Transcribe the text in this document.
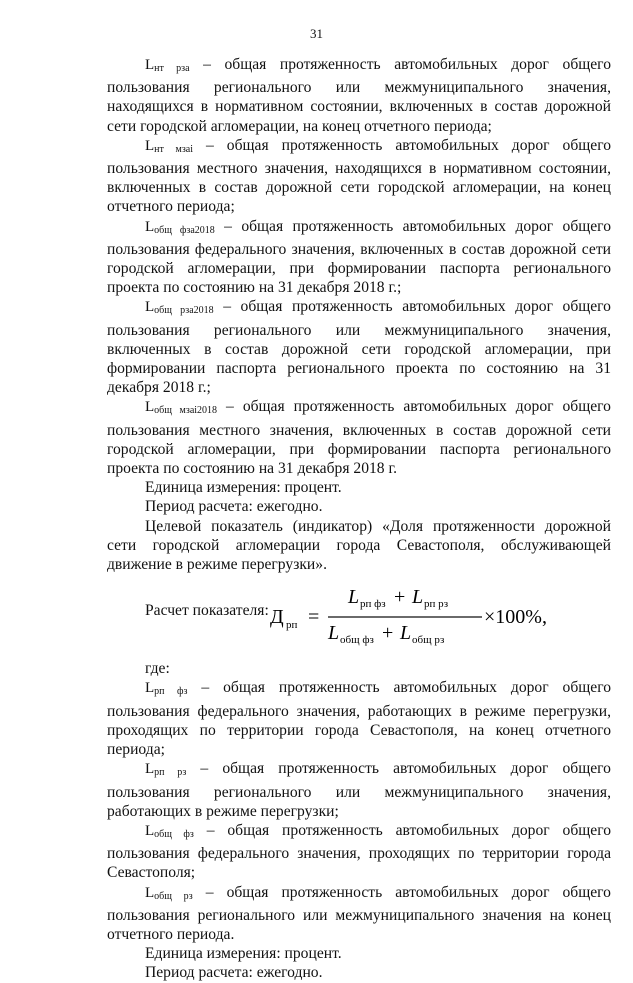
31

$L_{нт рза}$ – общая протяженность автомобильных дорог общего пользования регионального или межмуниципального значения, находящихся в нормативном состоянии, включенных в состав дорожной сети городской агломерации, на конец отчетного периода;

$L_{нт мзаi}$ – общая протяженность автомобильных дорог общего пользования местного значения, находящихся в нормативном состоянии, включенных в состав дорожной сети городской агломерации, на конец отчетного периода;

$L_{общ фза2018}$ – общая протяженность автомобильных дорог общего пользования федерального значения, включенных в состав дорожной сети городской агломерации, при формировании паспорта регионального проекта по состоянию на 31 декабря 2018 г.;

$L_{общ рза2018}$ – общая протяженность автомобильных дорог общего пользования регионального или межмуниципального значения, включенных в состав дорожной сети городской агломерации, при формировании паспорта регионального проекта по состоянию на 31 декабря 2018 г.;

$L_{общ мзаi2018}$ – общая протяженность автомобильных дорог общего пользования местного значения, включенных в состав дорожной сети городской агломерации, при формировании паспорта регионального проекта по состоянию на 31 декабря 2018 г.

Единица измерения: процент.

Период расчета: ежегодно.

Целевой показатель (индикатор) «Доля протяженности дорожной сети городской агломерации города Севастополя, обслуживающей движение в режиме перегрузки».

Расчет показателя: Д рп =
L рп фз + L рп рз
L общ фз + L общ рз
×100%,

где:

$L_{рп фз}$ – общая протяженность автомобильных дорог общего пользования федерального значения, работающих в режиме перегрузки, проходящих по территории города Севастополя, на конец отчетного периода;

$L_{рп рз}$ – общая протяженность автомобильных дорог общего пользования регионального или межмуниципального значения, работающих в режиме перегрузки;

$L_{общ фз}$ – общая протяженность автомобильных дорог общего пользования федерального значения, проходящих по территории города Севастополя;

$L_{общ рз}$ – общая протяженность автомобильных дорог общего пользования регионального или межмуниципального значения на конец отчетного периода.

Единица измерения: процент.

Период расчета: ежегодно.
